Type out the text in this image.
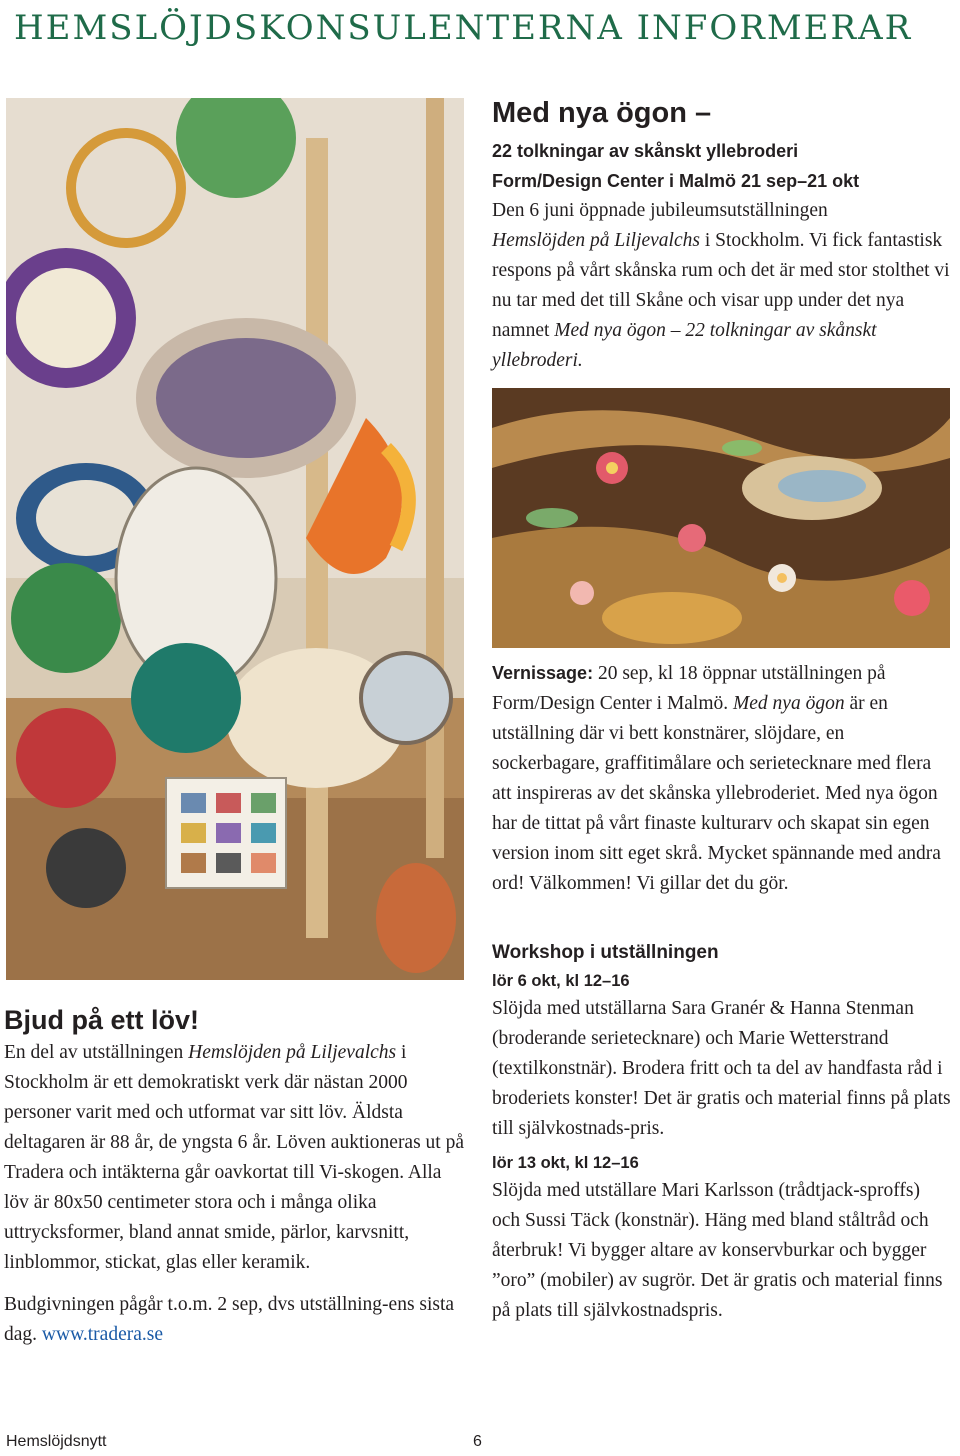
HEMSLÖJDSKONSULENTERNA INFORMERAR
Med nya ögon –
22 tolkningar av skånskt yllebroderi
Form/Design Center i Malmö 21 sep–21 okt

Den 6 juni öppnade jubileumsutställningen
Hemslöjden på Liljevalchs i Stockholm. Vi fick fantastisk respons på vårt skånska rum och det är med stor stolthet vi nu tar med det till Skåne och visar upp under det nya namnet Med nya ögon – 22 tolkningar av skånskt yllebroderi.

Vernissage: 20 sep, kl 18 öppnar utställningen på Form/Design Center i Malmö. Med nya ögon är en utställning där vi bett konstnärer, slöjdare, en sockerbagare, graffitimålare och serietecknare med flera att inspireras av det skånska yllebroderiet. Med nya ögon har de tittat på vårt finaste kulturarv och skapat sin egen version inom sitt eget skrå. Mycket spännande med andra ord! Välkommen! Vi gillar det du gör.

Workshop i utställningen
lör 6 okt, kl 12–16

Slöjda med utställarna Sara Granér & Hanna Stenman (broderande serietecknare) och Marie Wetterstrand (textilkonstnär). Brodera fritt och ta del av handfasta råd i broderiets konster! Det är gratis och material finns på plats till självkostnads-pris.

lör 13 okt, kl 12–16

Slöjda med utställare Mari Karlsson (trådtjack-sproffs) och Sussi Täck (konstnär). Häng med bland ståltråd och återbruk! Vi bygger altare av konservburkar och bygger ”oro” (mobiler) av sugrör. Det är gratis och material finns på plats till självkostnadspris.

Bjud på ett löv!

En del av utställningen Hemslöjden på Liljevalchs i Stockholm är ett demokratiskt verk där nästan 2000 personer varit med och utformat var sitt löv. Äldsta deltagaren är 88 år, de yngsta 6 år. Löven auktioneras ut på Tradera och intäkterna går oavkortat till Vi-skogen. Alla löv är 80x50 centimeter stora och i många olika uttrycksformer, bland annat smide, pärlor, karvsnitt, linblommor, stickat, glas eller keramik.

Budgivningen pågår t.o.m. 2 sep, dvs utställning-ens sista dag. www.tradera.se

Hemslöjdsnytt	6
